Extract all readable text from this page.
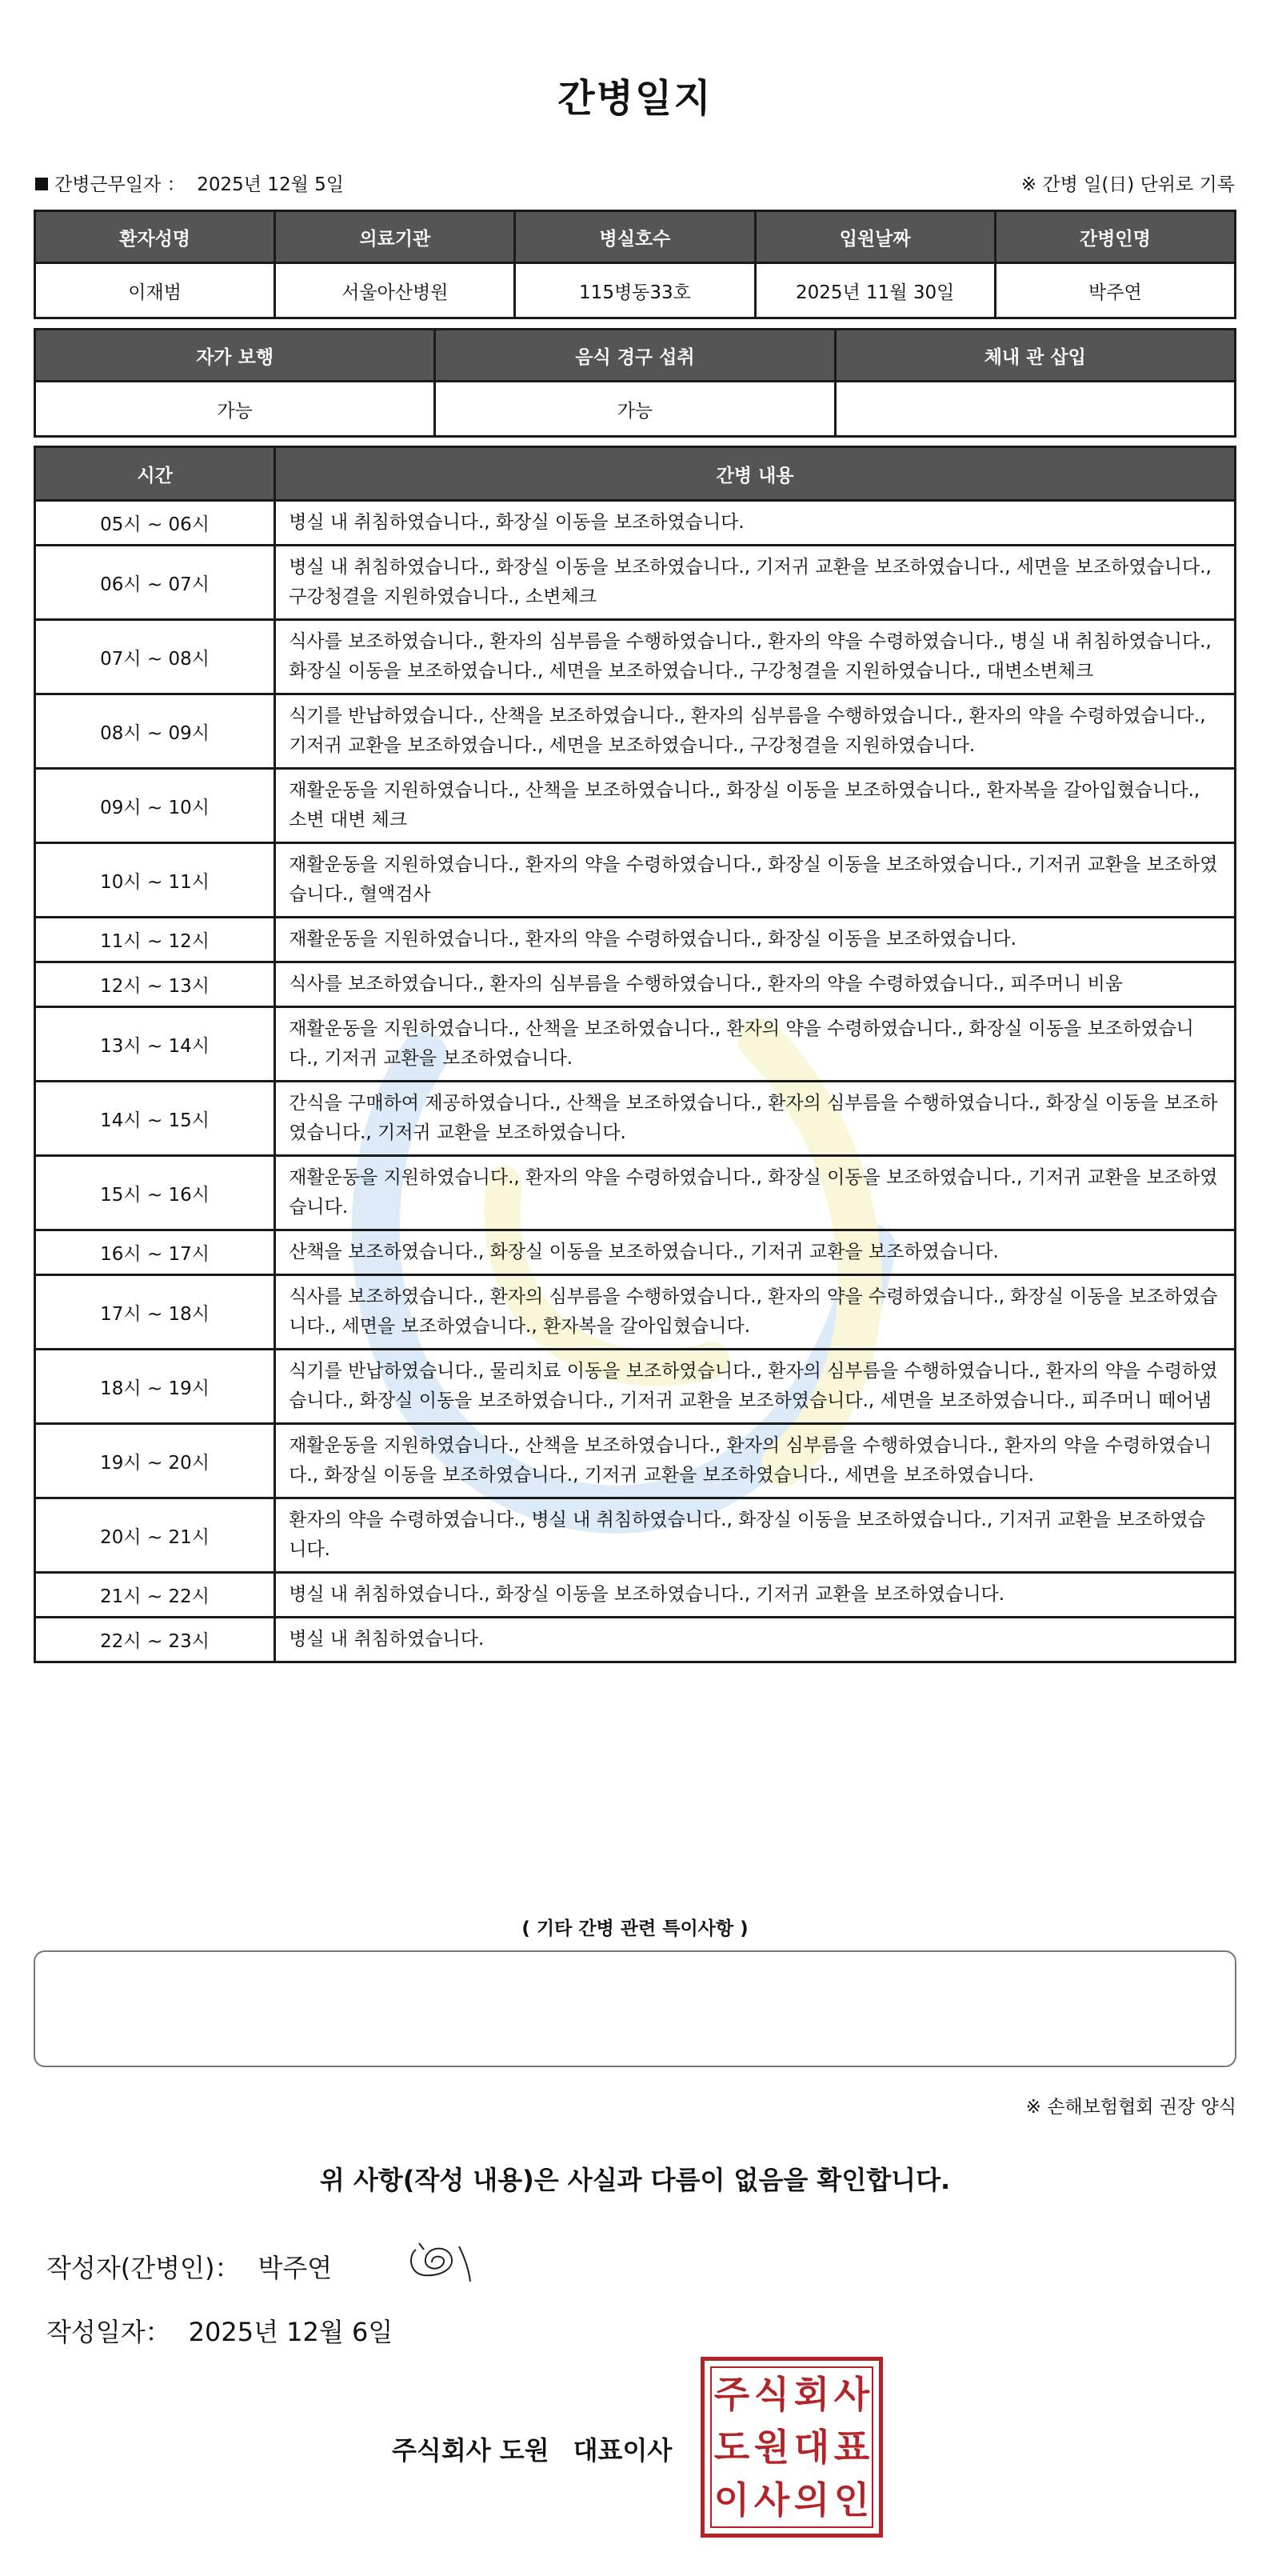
간병일지
간병근무일자 ： 2025년 12월 5일	※ 간병 일(日) 단위로 기록
환자성명	의료기관	병실호수	입원날짜	간병인명
이재범	서울아산병원	115병동33호	2025년 11월 30일	박주연
자가 보행	음식 경구 섭취	체내 관 삽입
가능	가능	
시간	간병 내용
05시 ~ 06시	병실 내 취침하였습니다., 화장실 이동을 보조하였습니다.
06시 ~ 07시	병실 내 취침하였습니다., 화장실 이동을 보조하였습니다., 기저귀 교환을 보조하였습니다., 세면을 보조하였습니다., 구강청결을 지원하였습니다., 소변체크
07시 ~ 08시	식사를 보조하였습니다., 환자의 심부름을 수행하였습니다., 환자의 약을 수령하였습니다., 병실 내 취침하였습니다., 화장실 이동을 보조하였습니다., 세면을 보조하였습니다., 구강청결을 지원하였습니다., 대변소변체크
08시 ~ 09시	식기를 반납하였습니다., 산책을 보조하였습니다., 환자의 심부름을 수행하였습니다., 환자의 약을 수령하였습니다., 기저귀 교환을 보조하였습니다., 세면을 보조하였습니다., 구강청결을 지원하였습니다.
09시 ~ 10시	재활운동을 지원하였습니다., 산책을 보조하였습니다., 화장실 이동을 보조하였습니다., 환자복을 갈아입혔습니다., 소변 대변 체크
10시 ~ 11시	재활운동을 지원하였습니다., 환자의 약을 수령하였습니다., 화장실 이동을 보조하였습니다., 기저귀 교환을 보조하였습니다., 혈액검사
11시 ~ 12시	재활운동을 지원하였습니다., 환자의 약을 수령하였습니다., 화장실 이동을 보조하였습니다.
12시 ~ 13시	식사를 보조하였습니다., 환자의 심부름을 수행하였습니다., 환자의 약을 수령하였습니다., 피주머니 비움
13시 ~ 14시	재활운동을 지원하였습니다., 산책을 보조하였습니다., 환자의 약을 수령하였습니다., 화장실 이동을 보조하였습니다., 기저귀 교환을 보조하였습니다.
14시 ~ 15시	간식을 구매하여 제공하였습니다., 산책을 보조하였습니다., 환자의 심부름을 수행하였습니다., 화장실 이동을 보조하였습니다., 기저귀 교환을 보조하였습니다.
15시 ~ 16시	재활운동을 지원하였습니다., 환자의 약을 수령하였습니다., 화장실 이동을 보조하였습니다., 기저귀 교환을 보조하였습니다.
16시 ~ 17시	산책을 보조하였습니다., 화장실 이동을 보조하였습니다., 기저귀 교환을 보조하였습니다.
17시 ~ 18시	식사를 보조하였습니다., 환자의 심부름을 수행하였습니다., 환자의 약을 수령하였습니다., 화장실 이동을 보조하였습니다., 세면을 보조하였습니다., 환자복을 갈아입혔습니다.
18시 ~ 19시	식기를 반납하였습니다., 물리치료 이동을 보조하였습니다., 환자의 심부름을 수행하였습니다., 환자의 약을 수령하였습니다., 화장실 이동을 보조하였습니다., 기저귀 교환을 보조하였습니다., 세면을 보조하였습니다., 피주머니 떼어냄
19시 ~ 20시	재활운동을 지원하였습니다., 산책을 보조하였습니다., 환자의 심부름을 수행하였습니다., 환자의 약을 수령하였습니다., 화장실 이동을 보조하였습니다., 기저귀 교환을 보조하였습니다., 세면을 보조하였습니다.
20시 ~ 21시	환자의 약을 수령하였습니다., 병실 내 취침하였습니다., 화장실 이동을 보조하였습니다., 기저귀 교환을 보조하였습니다.
21시 ~ 22시	병실 내 취침하였습니다., 화장실 이동을 보조하였습니다., 기저귀 교환을 보조하였습니다.
22시 ~ 23시	병실 내 취침하였습니다.
( 기타 간병 관련 특이사항 )
※ 손해보험협회 권장 양식
위 사항(작성 내용)은 사실과 다름이 없음을 확인합니다.
작성자(간병인)： 박주연
작성일자： 2025년 12월 6일
주식회사 도원 대표이사
주 식 회 사
도 원 대 표
이 사 의 인
